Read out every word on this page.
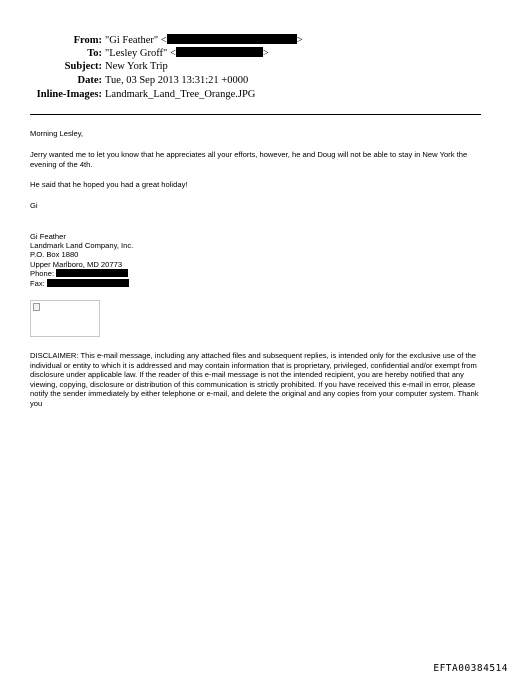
From: "Gi Feather" <	>
To: "Lesley Groff" <	>
Subject: New York Trip
Date: Tue, 03 Sep 2013 13:31:21 +0000
Inline-Images: Landmark_Land_Tree_Orange.JPG
Morning Lesley,
Jerry wanted me to let you know that he appreciates all your efforts, however, he and Doug will not be able to stay in New York the evening of the 4th.
He said that he hoped you had a great holiday!
Gi
Gi Feather
Landmark Land Company, Inc.
P.O. Box 1880
Upper Marlboro, MD 20773
Phone:
Fax:
DISCLAIMER: This e-mail message, including any attached files and subsequent replies, is intended only for the exclusive use of the individual or entity to which it is addressed and may contain information that is proprietary, privileged, confidential and/or exempt from disclosure under applicable law. If the reader of this e-mail message is not the intended recipient, you are hereby notified that any viewing, copying, disclosure or distribution of this communication is strictly prohibited. If you have received this e-mail in error, please notify the sender immediately by either telephone or e-mail, and delete the original and any copies from your computer system. Thank you
EFTA00384514
